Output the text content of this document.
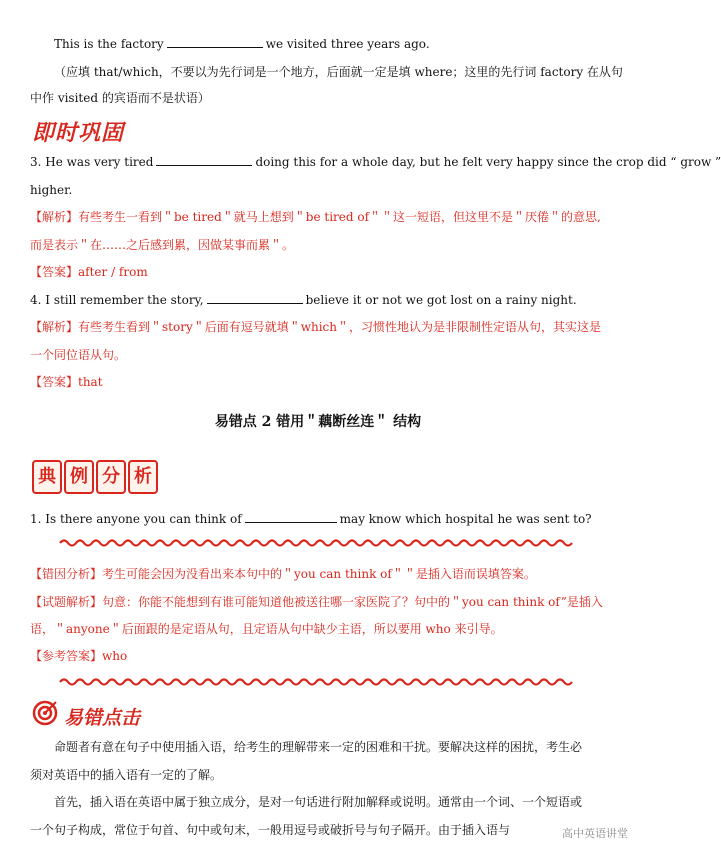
This is the factory	we visited three years ago.
（应填 that/which，不要以为先行词是一个地方，后面就一定是填 where；这里的先行词 factory 在从句
中作 visited 的宾语而不是状语）
即时巩固
3. He was very tired	doing this for a whole day, but he felt very happy since the crop did “ grow ”
higher.
【解析】有些考生一看到＂be tired＂就马上想到＂be tired of＂＂这一短语，但这里不是＂厌倦＂的意思,
而是表示＂在……之后感到累，因做某事而累＂。
【答案】after / from
4. I still remember the story,	believe it or not we got lost on a rainy night.
【解析】有些考生看到＂story＂后面有逗号就填＂which＂，习惯性地认为是非限制性定语从句，其实这是
一个同位语从句。
【答案】that
易错点 2 错用＂藕断丝连＂ 结构
典 例 分 析
1. Is there anyone you can think of	may know which hospital he was sent to?
【错因分析】考生可能会因为没看出来本句中的＂you can think of＂＂是插入语而误填答案。
【试题解析】句意：你能不能想到有谁可能知道他被送往哪一家医院了？句中的＂you can think of”是插入
语，＂anyone＂后面跟的是定语从句，且定语从句中缺少主语，所以要用 who 来引导。
【参考答案】who
易错点击
命题者有意在句子中使用插入语，给考生的理解带来一定的困难和干扰。要解决这样的困扰，考生必
须对英语中的插入语有一定的了解。
首先，插入语在英语中属于独立成分，是对一句话进行附加解释或说明。通常由一个词、一个短语或
一个句子构成，常位于句首、句中或句末，一般用逗号或破折号与句子隔开。由于插入语与	高中英语讲堂
